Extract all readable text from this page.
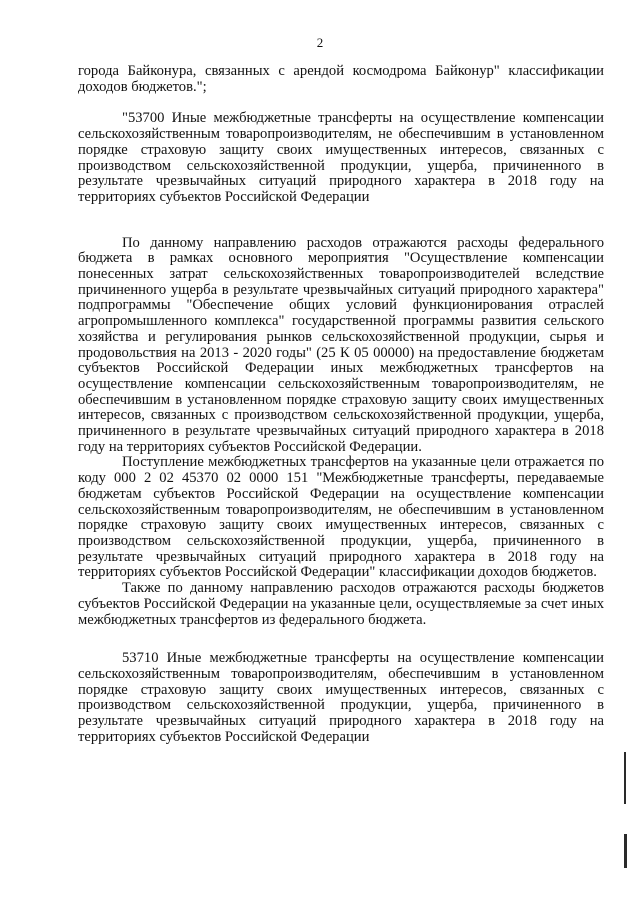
2

города Байконура, связанных с арендой космодрома Байконур" классификации доходов бюджетов.";

"53700 Иные межбюджетные трансферты на осуществление компенсации сельскохозяйственным товаропроизводителям, не обеспечившим в установленном порядке страховую защиту своих имущественных интересов, связанных с производством сельскохозяйственной продукции, ущерба, причиненного в результате чрезвычайных ситуаций природного характера в 2018 году на территориях субъектов Российской Федерации

По данному направлению расходов отражаются расходы федерального бюджета в рамках основного мероприятия "Осуществление компенсации понесенных затрат сельскохозяйственных товаропроизводителей вследствие причиненного ущерба в результате чрезвычайных ситуаций природного характера" подпрограммы "Обеспечение общих условий функционирования отраслей агропромышленного комплекса" государственной программы развития сельского хозяйства и регулирования рынков сельскохозяйственной продукции, сырья и продовольствия на 2013 - 2020 годы" (25 К 05 00000) на предоставление бюджетам субъектов Российской Федерации иных межбюджетных трансфертов на осуществление компенсации сельскохозяйственным товаропроизводителям, не обеспечившим в установленном порядке страховую защиту своих имущественных интересов, связанных с производством сельскохозяйственной продукции, ущерба, причиненного в результате чрезвычайных ситуаций природного характера в 2018 году на территориях субъектов Российской Федерации.

Поступление межбюджетных трансфертов на указанные цели отражается по коду 000 2 02 45370 02 0000 151 "Межбюджетные трансферты, передаваемые бюджетам субъектов Российской Федерации на осуществление компенсации сельскохозяйственным товаропроизводителям, не обеспечившим в установленном порядке страховую защиту своих имущественных интересов, связанных с производством сельскохозяйственной продукции, ущерба, причиненного в результате чрезвычайных ситуаций природного характера в 2018 году на территориях субъектов Российской Федерации" классификации доходов бюджетов.

Также по данному направлению расходов отражаются расходы бюджетов субъектов Российской Федерации на указанные цели, осуществляемые за счет иных межбюджетных трансфертов из федерального бюджета.

53710 Иные межбюджетные трансферты на осуществление компенсации сельскохозяйственным товаропроизводителям, обеспечившим в установленном порядке страховую защиту своих имущественных интересов, связанных с производством сельскохозяйственной продукции, ущерба, причиненного в результате чрезвычайных ситуаций природного характера в 2018 году на территориях субъектов Российской Федерации
